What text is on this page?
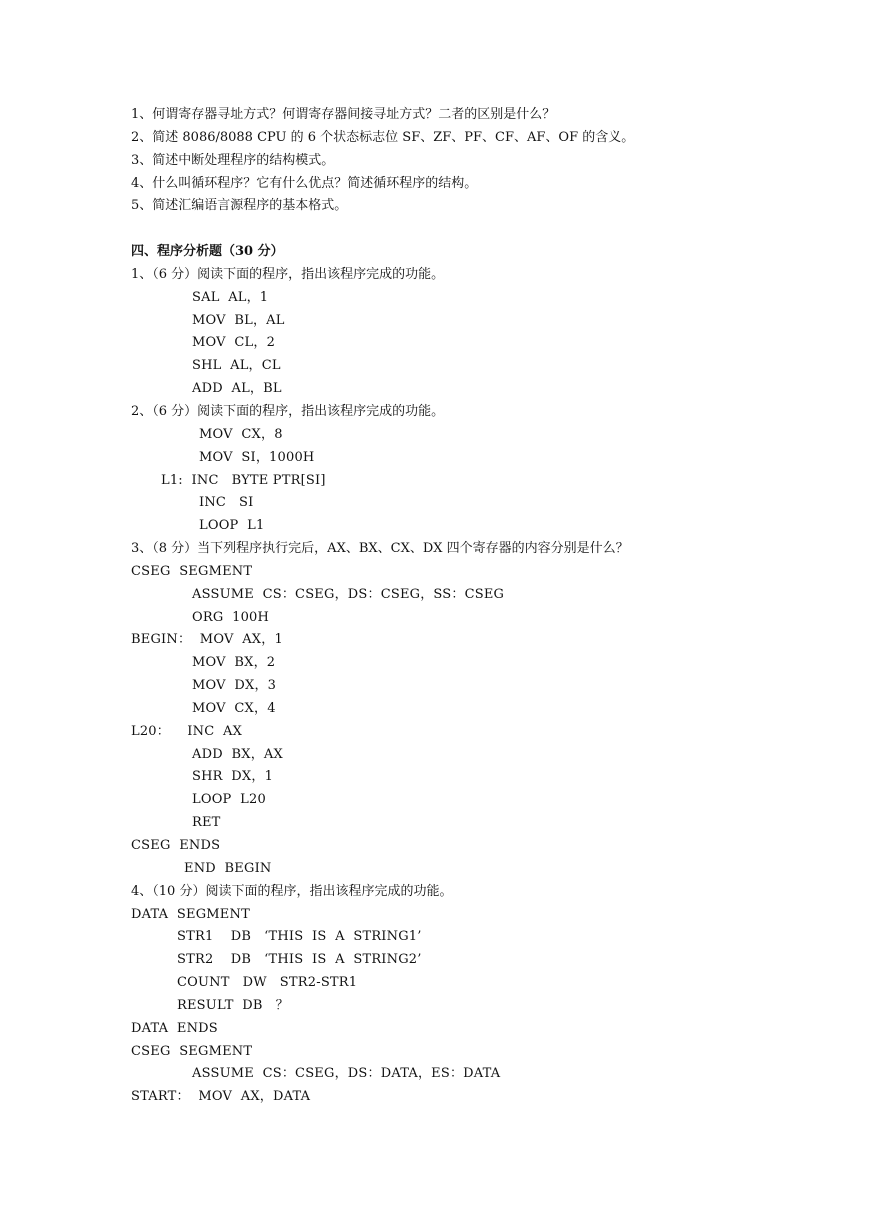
1、何谓寄存器寻址方式？何谓寄存器间接寻址方式？二者的区别是什么？
2、简述 8086/8088 CPU 的 6 个状态标志位 SF、ZF、PF、CF、AF、OF 的含义。
3、简述中断处理程序的结构模式。
4、什么叫循环程序？它有什么优点？简述循环程序的结构。
5、简述汇编语言源程序的基本格式。
四、程序分析题（30 分）
1、（6 分）阅读下面的程序，指出该程序完成的功能。
SAL  AL，1
MOV  BL，AL
MOV  CL，2
SHL  AL，CL
ADD  AL，BL
2、（6 分）阅读下面的程序，指出该程序完成的功能。
MOV  CX，8
MOV  SI，1000H
L1:  INC   BYTE PTR[SI]
INC   SI
LOOP  L1
3、（8 分）当下列程序执行完后，AX、BX、CX、DX 四个寄存器的内容分别是什么？
CSEG  SEGMENT
ASSUME  CS：CSEG，DS：CSEG，SS：CSEG
ORG  100H
BEGIN：  MOV  AX，1
MOV  BX，2
MOV  DX，3
MOV  CX，4
L20：    INC  AX
ADD  BX，AX
SHR  DX，1
LOOP  L20
RET
CSEG  ENDS
END  BEGIN
4、（10 分）阅读下面的程序，指出该程序完成的功能。
DATA  SEGMENT
STR1    DB   ‘THIS  IS  A  STRING1’
STR2    DB   ‘THIS  IS  A  STRING2’
COUNT   DW   STR2-STR1
RESULT  DB   ？
DATA  ENDS
CSEG  SEGMENT
ASSUME  CS：CSEG，DS：DATA，ES：DATA
START：  MOV  AX，DATA
